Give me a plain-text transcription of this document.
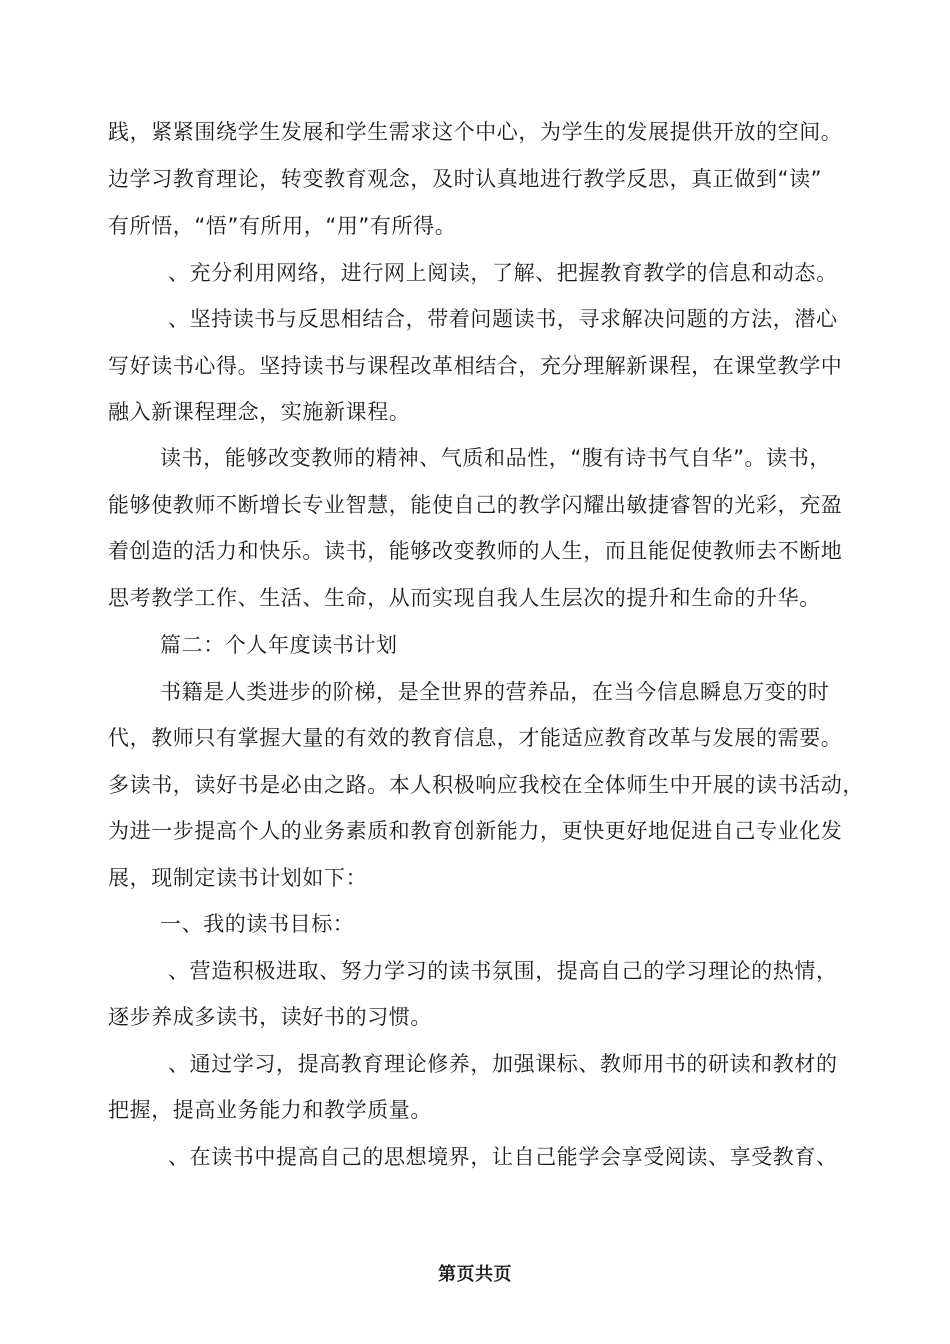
践，紧紧围绕学生发展和学生需求这个中心，为学生的发展提供开放的空间。
边学习教育理论，转变教育观念，及时认真地进行教学反思，真正做到“读”
有所悟，“悟”有所用，“用”有所得。
、充分利用网络，进行网上阅读，了解、把握教育教学的信息和动态。
、坚持读书与反思相结合，带着问题读书，寻求解决问题的方法，潜心
写好读书心得。坚持读书与课程改革相结合，充分理解新课程，在课堂教学中
融入新课程理念，实施新课程。
读书，能够改变教师的精神、气质和品性，“腹有诗书气自华”。读书，
能够使教师不断增长专业智慧，能使自己的教学闪耀出敏捷睿智的光彩，充盈
着创造的活力和快乐。读书，能够改变教师的人生，而且能促使教师去不断地
思考教学工作、生活、生命，从而实现自我人生层次的提升和生命的升华。
篇二：个人年度读书计划
书籍是人类进步的阶梯，是全世界的营养品，在当今信息瞬息万变的时
代，教师只有掌握大量的有效的教育信息，才能适应教育改革与发展的需要。
多读书，读好书是必由之路。本人积极响应我校在全体师生中开展的读书活动，
为进一步提高个人的业务素质和教育创新能力，更快更好地促进自己专业化发
展，现制定读书计划如下：
一、我的读书目标：
、营造积极进取、努力学习的读书氛围，提高自己的学习理论的热情，
逐步养成多读书，读好书的习惯。
、通过学习，提高教育理论修养，加强课标、教师用书的研读和教材的
把握，提高业务能力和教学质量。
、在读书中提高自己的思想境界，让自己能学会享受阅读、享受教育、
第页共页
